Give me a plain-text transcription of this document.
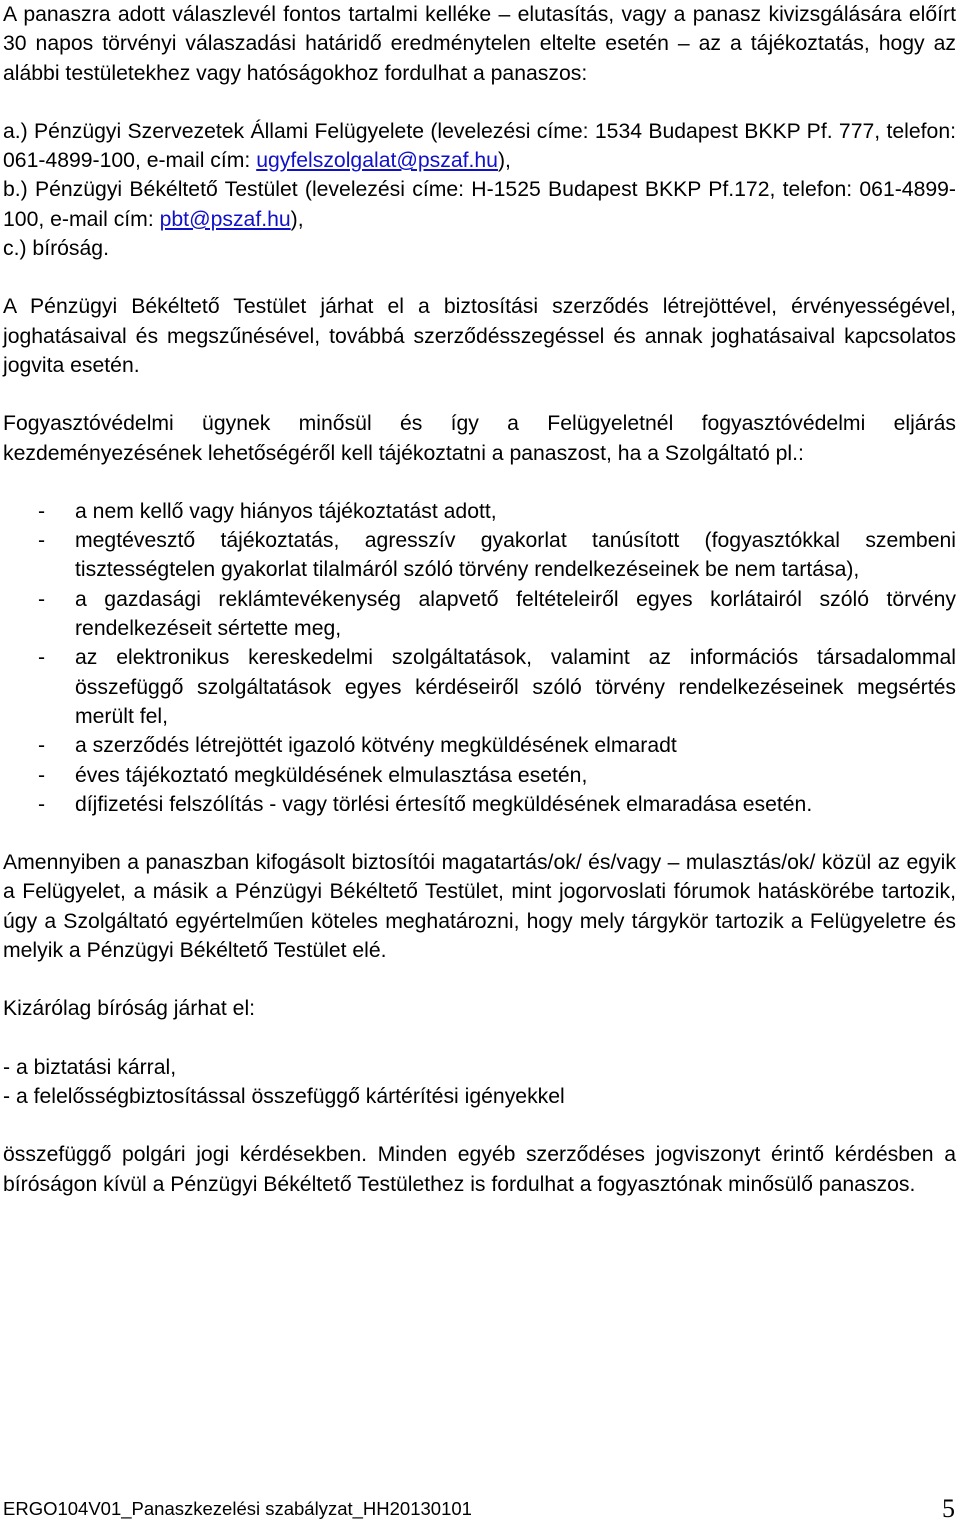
A panaszra adott válaszlevél fontos tartalmi kelléke – elutasítás, vagy a panasz kivizsgálására előírt 30 napos törvényi válaszadási határidő eredménytelen eltelte esetén – az a tájékoztatás, hogy az alábbi testületekhez vagy hatóságokhoz fordulhat a panaszos:

a.) Pénzügyi Szervezetek Állami Felügyelete (levelezési címe: 1534 Budapest BKKP Pf. 777, telefon: 061-4899-100, e-mail cím: ugyfelszolgalat@pszaf.hu),

b.) Pénzügyi Békéltető Testület (levelezési címe: H-1525 Budapest BKKP Pf.172, telefon: 061-4899-100, e-mail cím: pbt@pszaf.hu),

c.) bíróság.

A Pénzügyi Békéltető Testület járhat el a biztosítási szerződés létrejöttével, érvényességével, joghatásaival és megszűnésével, továbbá szerződésszegéssel és annak joghatásaival kapcsolatos jogvita esetén.

Fogyasztóvédelmi ügynek minősül és így a Felügyeletnél fogyasztóvédelmi eljárás kezdeményezésének lehetőségéről kell tájékoztatni a panaszost, ha a Szolgáltató pl.:

-	a nem kellő vagy hiányos tájékoztatást adott,
-	megtévesztő tájékoztatás, agresszív gyakorlat tanúsított (fogyasztókkal szembeni tisztességtelen gyakorlat tilalmáról szóló törvény rendelkezéseinek be nem tartása),
-	a gazdasági reklámtevékenység alapvető feltételeiről egyes korlátairól szóló törvény rendelkezéseit sértette meg,
-	az elektronikus kereskedelmi szolgáltatások, valamint az információs társadalommal összefüggő szolgáltatások egyes kérdéseiről szóló törvény rendelkezéseinek megsértés merült fel,
-	a szerződés létrejöttét igazoló kötvény megküldésének elmaradt
-	éves tájékoztató megküldésének elmulasztása esetén,
-	díjfizetési felszólítás - vagy törlési értesítő megküldésének elmaradása esetén.

Amennyiben a panaszban kifogásolt biztosítói magatartás/ok/ és/vagy – mulasztás/ok/ közül az egyik a Felügyelet, a másik a Pénzügyi Békéltető Testület, mint jogorvoslati fórumok hatáskörébe tartozik, úgy a Szolgáltató egyértelműen köteles meghatározni, hogy mely tárgykör tartozik a Felügyeletre és melyik a Pénzügyi Békéltető Testület elé.

Kizárólag bíróság járhat el:

- a biztatási kárral,

- a felelősségbiztosítással összefüggő kártérítési igényekkel

összefüggő polgári jogi kérdésekben. Minden egyéb szerződéses jogviszonyt érintő kérdésben a bíróságon kívül a Pénzügyi Békéltető Testülethez is fordulhat a fogyasztónak minősülő panaszos.

ERGO104V01_Panaszkezelési szabályzat_HH20130101	5
